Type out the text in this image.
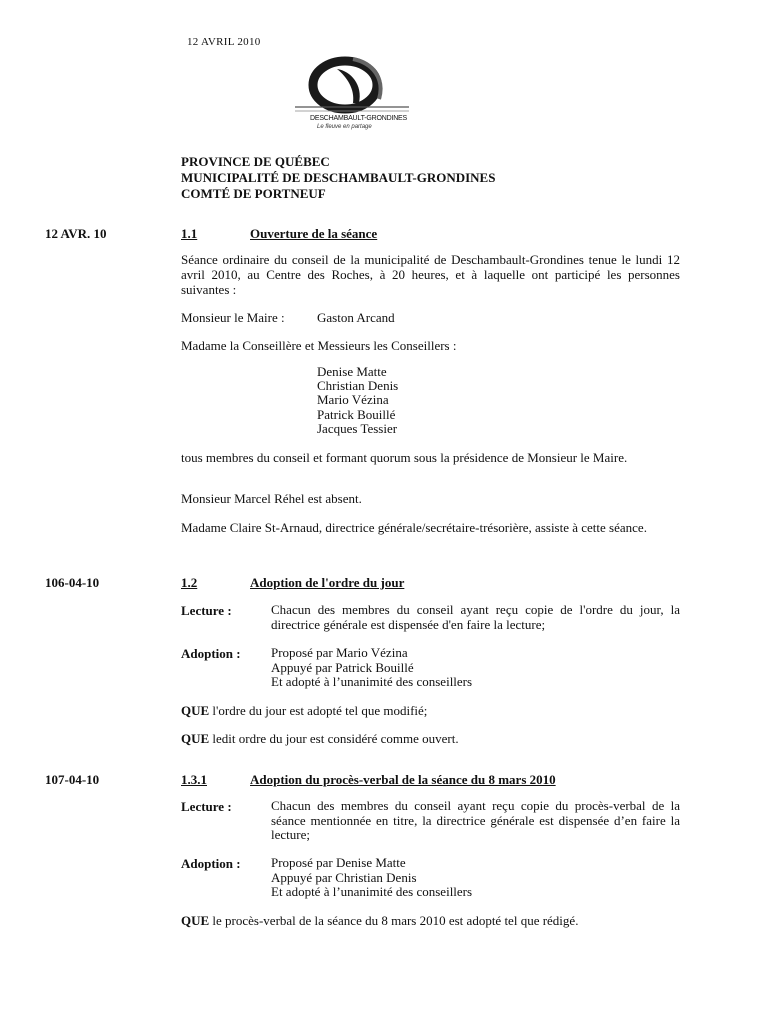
12 AVRIL 2010
DESCHAMBAULT-GRONDINES
Le fleuve en partage
PROVINCE DE QUÉBEC
MUNICIPALITÉ DE DESCHAMBAULT-GRONDINES
COMTÉ DE PORTNEUF
12 AVR. 10	1.1	Ouverture de la séance
Séance ordinaire du conseil de la municipalité de Deschambault-Grondines tenue le lundi 12 avril 2010, au Centre des Roches, à 20 heures, et à laquelle ont participé les personnes suivantes :
Monsieur le Maire : Gaston Arcand
Madame la Conseillère et Messieurs les Conseillers :
Denise Matte
Christian Denis
Mario Vézina
Patrick Bouillé
Jacques Tessier
tous membres du conseil et formant quorum sous la présidence de Monsieur le Maire.
Monsieur Marcel Réhel est absent.
Madame Claire St-Arnaud, directrice générale/secrétaire-trésorière, assiste à cette séance.
106-04-10	1.2	Adoption de l'ordre du jour
Lecture :	Chacun des membres du conseil ayant reçu copie de l'ordre du jour, la directrice générale est dispensée d'en faire la lecture;
Adoption : Proposé par Mario Vézina
Appuyé par Patrick Bouillé
Et adopté à l’unanimité des conseillers
QUE l'ordre du jour est adopté tel que modifié;
QUE ledit ordre du jour est considéré comme ouvert.
107-04-10	1.3.1	Adoption du procès-verbal de la séance du 8 mars 2010
Lecture :	Chacun des membres du conseil ayant reçu copie du procès-verbal de la séance mentionnée en titre, la directrice générale est dispensée d’en faire la lecture;
Adoption : Proposé par Denise Matte
Appuyé par Christian Denis
Et adopté à l’unanimité des conseillers
QUE le procès-verbal de la séance du 8 mars 2010 est adopté tel que rédigé.
